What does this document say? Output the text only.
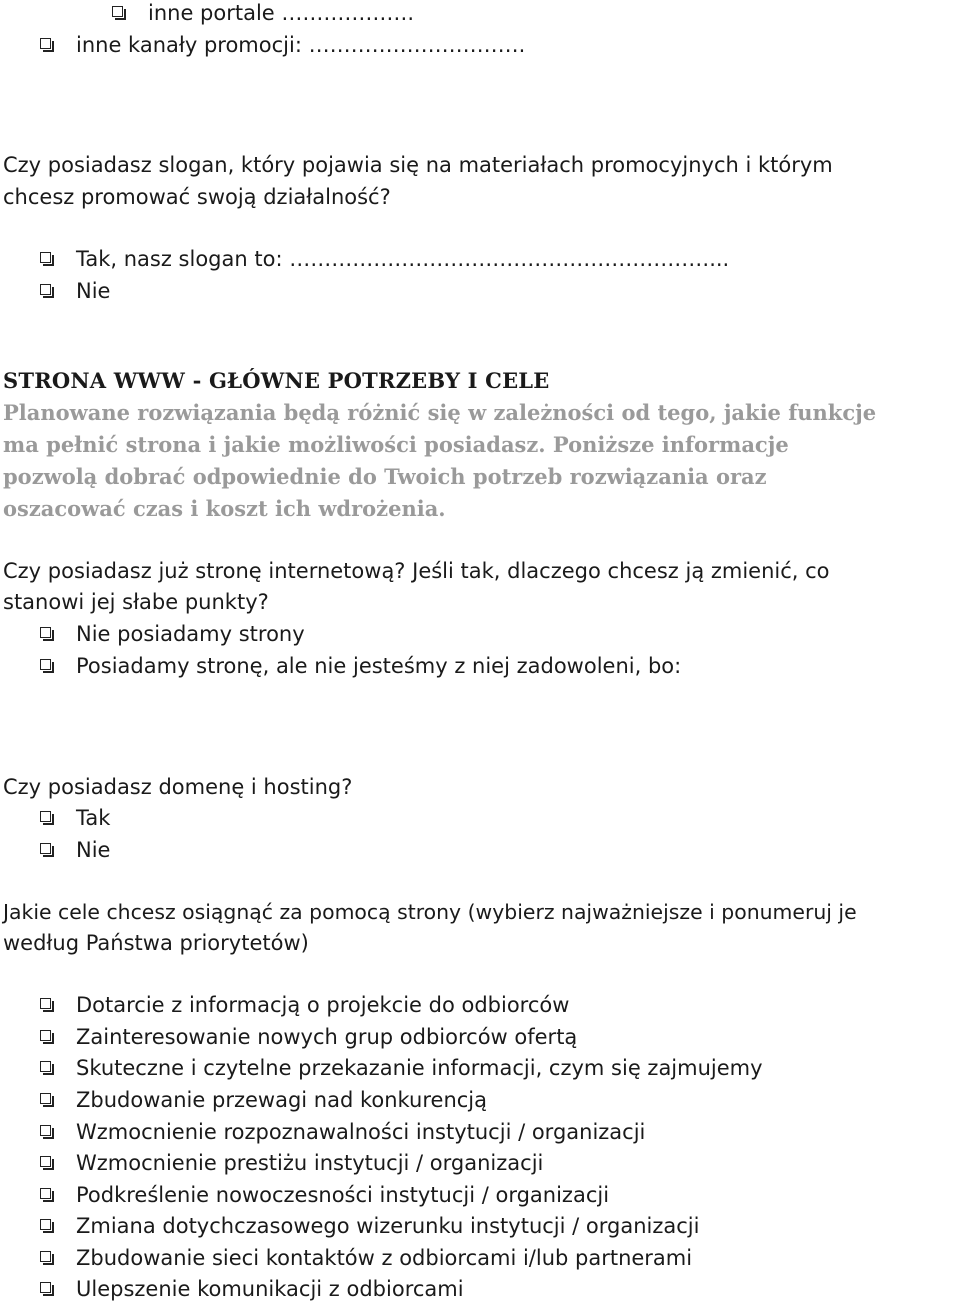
inne portale ……………….
inne kanały promocji: ………………………….
Czy posiadasz slogan, który pojawia się na materiałach promocyjnych i którym
chcesz promować swoją działalność?
Tak, nasz slogan to: ……………………………………………………...
Nie
STRONA WWW - GŁÓWNE POTRZEBY I CELE
Planowane rozwiązania będą różnić się w zależności od tego, jakie funkcje
ma pełnić strona i jakie możliwości posiadasz. Poniższe informacje
pozwolą dobrać odpowiednie do Twoich potrzeb rozwiązania oraz
oszacować czas i koszt ich wdrożenia.
Czy posiadasz już stronę internetową? Jeśli tak, dlaczego chcesz ją zmienić, co
stanowi jej słabe punkty?
Nie posiadamy strony
Posiadamy stronę, ale nie jesteśmy z niej zadowoleni, bo:
Czy posiadasz domenę i hosting?
Tak
Nie
Jakie cele chcesz osiągnąć za pomocą strony (wybierz najważniejsze i ponumeruj je
według Państwa priorytetów)
Dotarcie z informacją o projekcie do odbiorców
Zainteresowanie nowych grup odbiorców ofertą
Skuteczne i czytelne przekazanie informacji, czym się zajmujemy
Zbudowanie przewagi nad konkurencją
Wzmocnienie rozpoznawalności instytucji / organizacji
Wzmocnienie prestiżu instytucji / organizacji
Podkreślenie nowoczesności instytucji / organizacji
Zmiana dotychczasowego wizerunku instytucji / organizacji
Zbudowanie sieci kontaktów z odbiorcami i/lub partnerami
Ulepszenie komunikacji z odbiorcami
